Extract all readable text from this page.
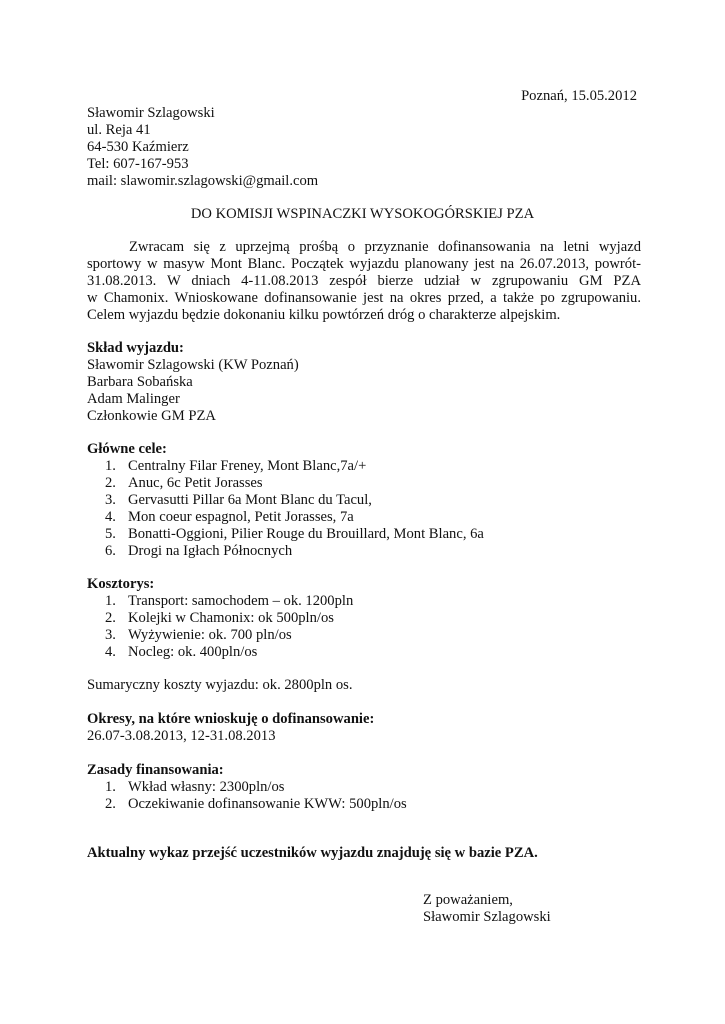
Poznań, 15.05.2012
Sławomir Szlagowski
ul. Reja 41
64-530 Kaźmierz
Tel: 607-167-953
mail: slawomir.szlagowski@gmail.com
DO KOMISJI WSPINACZKI WYSOKOGÓRSKIEJ PZA
Zwracam się z uprzejmą prośbą o przyznanie dofinansowania na letni wyjazd
sportowy w masyw Mont Blanc. Początek wyjazdu planowany jest na 26.07.2013, powrót-
31.08.2013. W dniach 4-11.08.2013 zespół bierze udział w zgrupowaniu GM PZA
w Chamonix. Wnioskowane dofinansowanie jest na okres przed, a także po zgrupowaniu.
Celem wyjazdu będzie dokonaniu kilku powtórzeń dróg o charakterze alpejskim.
Skład wyjazdu:
Sławomir Szlagowski (KW Poznań)
Barbara Sobańska
Adam Malinger
Członkowie GM PZA
Główne cele:
1. Centralny Filar Freney, Mont Blanc,7a/+
2. Anuc, 6c Petit Jorasses
3. Gervasutti Pillar 6a Mont Blanc du Tacul,
4. Mon coeur espagnol, Petit Jorasses, 7a
5. Bonatti-Oggioni, Pilier Rouge du Brouillard, Mont Blanc, 6a
6. Drogi na Igłach Północnych
Kosztorys:
1. Transport: samochodem – ok. 1200pln
2. Kolejki w Chamonix: ok 500pln/os
3. Wyżywienie: ok. 700 pln/os
4. Nocleg: ok. 400pln/os
Sumaryczny koszty wyjazdu: ok. 2800pln os.
Okresy, na które wnioskuję o dofinansowanie:
26.07-3.08.2013, 12-31.08.2013
Zasady finansowania:
1. Wkład własny: 2300pln/os
2. Oczekiwanie dofinansowanie KWW: 500pln/os
Aktualny wykaz przejść uczestników wyjazdu znajduję się w bazie PZA.
Z poważaniem,
Sławomir Szlagowski
